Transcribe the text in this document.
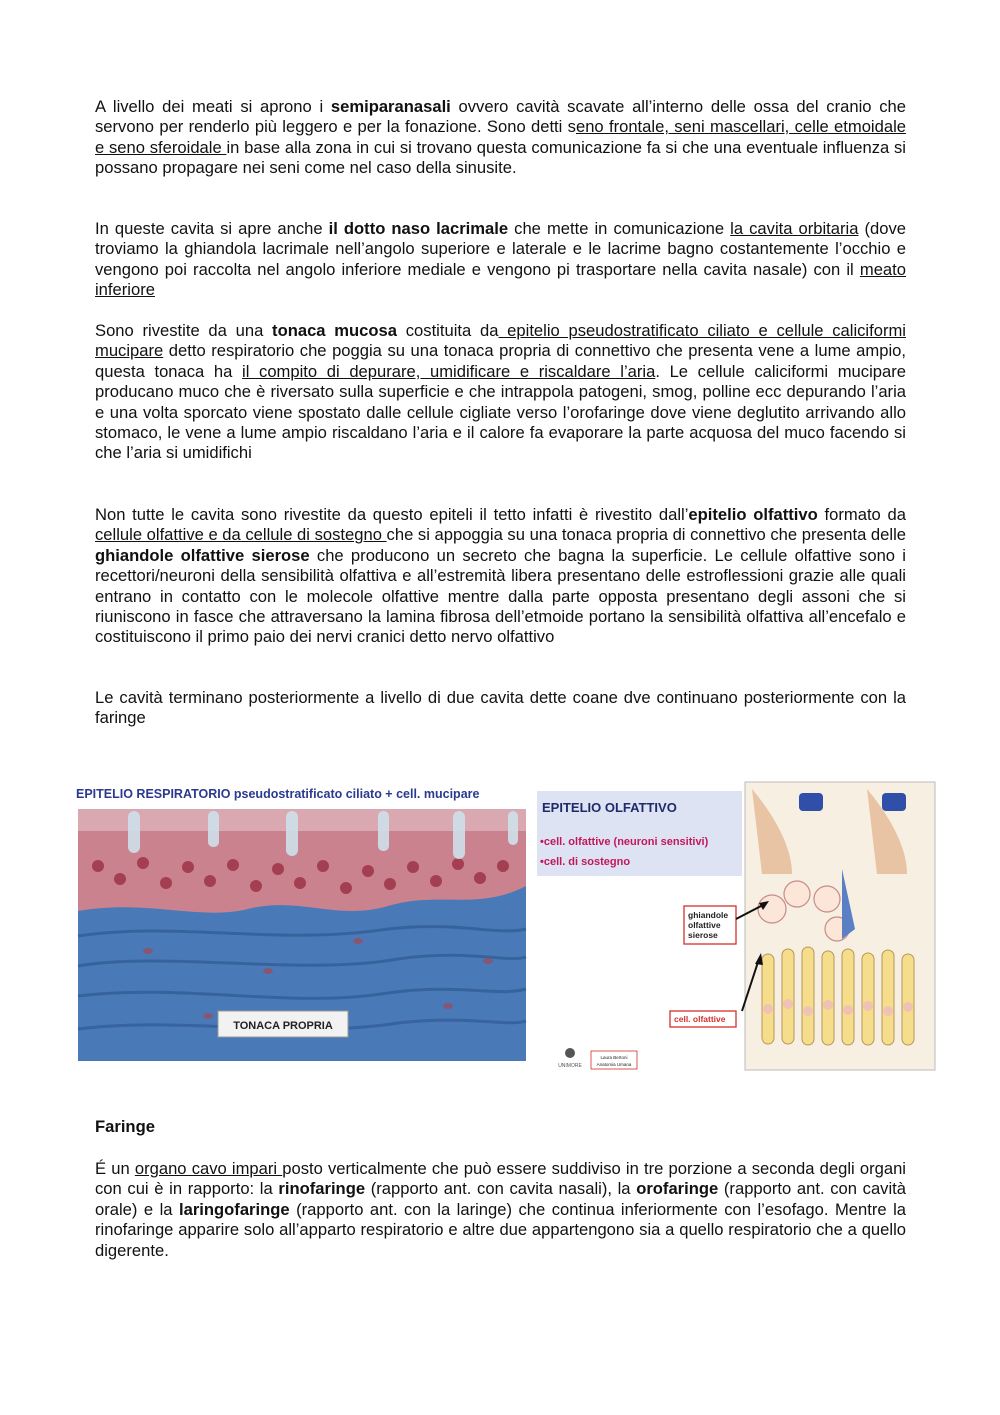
A livello dei meati si aprono i semiparanasali ovvero cavità scavate all’interno delle ossa del cranio che servono per renderlo più leggero e per la fonazione. Sono detti seno frontale, seni mascellari, celle etmoidale e seno sferoidale in base alla zona in cui si trovano questa comunicazione fa si che una eventuale influenza si possano propagare nei seni come nel caso della sinusite.

In queste cavita si apre anche il dotto naso lacrimale che mette in comunicazione la cavita orbitaria (dove troviamo la ghiandola lacrimale nell’angolo superiore e laterale e le lacrime bagno costantemente l’occhio e vengono poi raccolta nel angolo inferiore mediale e vengono pi trasportare nella cavita nasale) con il meato inferiore

Sono rivestite da una tonaca mucosa costituita da epitelio pseudostratificato ciliato e cellule caliciformi mucipare detto respiratorio che poggia su una tonaca propria di connettivo che presenta vene a lume ampio, questa tonaca ha il compito di depurare, umidificare e riscaldare l’aria. Le cellule caliciformi mucipare producano muco che è riversato sulla superficie e che intrappola patogeni, smog, polline ecc depurando l’aria e una volta sporcato viene spostato dalle cellule cigliate verso l’orofaringe dove viene deglutito arrivando allo stomaco, le vene a lume ampio riscaldano l’aria e il calore fa evaporare la parte acquosa del muco facendo si che l’aria si umidifichi

Non tutte le cavita sono rivestite da questo epiteli il tetto infatti è rivestito dall’epitelio olfattivo formato da cellule olfattive e da cellule di sostegno che si appoggia su una tonaca propria di connettivo che presenta delle ghiandole olfattive sierose che producono un secreto che bagna la superficie. Le cellule olfattive sono i recettori/neuroni della sensibilità olfattiva e all’estremità libera presentano delle estroflessioni grazie alle quali entrano in contatto con le molecole olfattive mentre dalla parte opposta presentano degli assoni che si riuniscono in fasce che attraversano la lamina fibrosa dell’etmoide portano la sensibilità olfattiva all’encefalo e costituiscono il primo paio dei nervi cranici detto nervo olfattivo

Le cavità terminano posteriormente a livello di due cavita dette coane dve continuano posteriormente con la faringe

EPITELIO RESPIRATORIO pseudostratificato ciliato + cell. mucipare
TONACA PROPRIA
EPITELIO OLFATTIVO
•cell. olfattive (neuroni sensitivi)
•cell. di sostegno
ghiandole
olfattive
sierose
cell. olfattive
UNIMORE
Laura Bertoni
Anatomia Umana
Faringe

É un organo cavo impari posto verticalmente che può essere suddiviso in tre porzione a seconda degli organi con cui è in rapporto: la rinofaringe (rapporto ant. con cavita nasali), la orofaringe (rapporto ant. con cavità orale) e la laringofaringe (rapporto ant. con la laringe) che continua inferiormente con l’esofago. Mentre la rinofaringe apparire solo all’apparto respiratorio e altre due appartengono sia a quello respiratorio che a quello digerente.
